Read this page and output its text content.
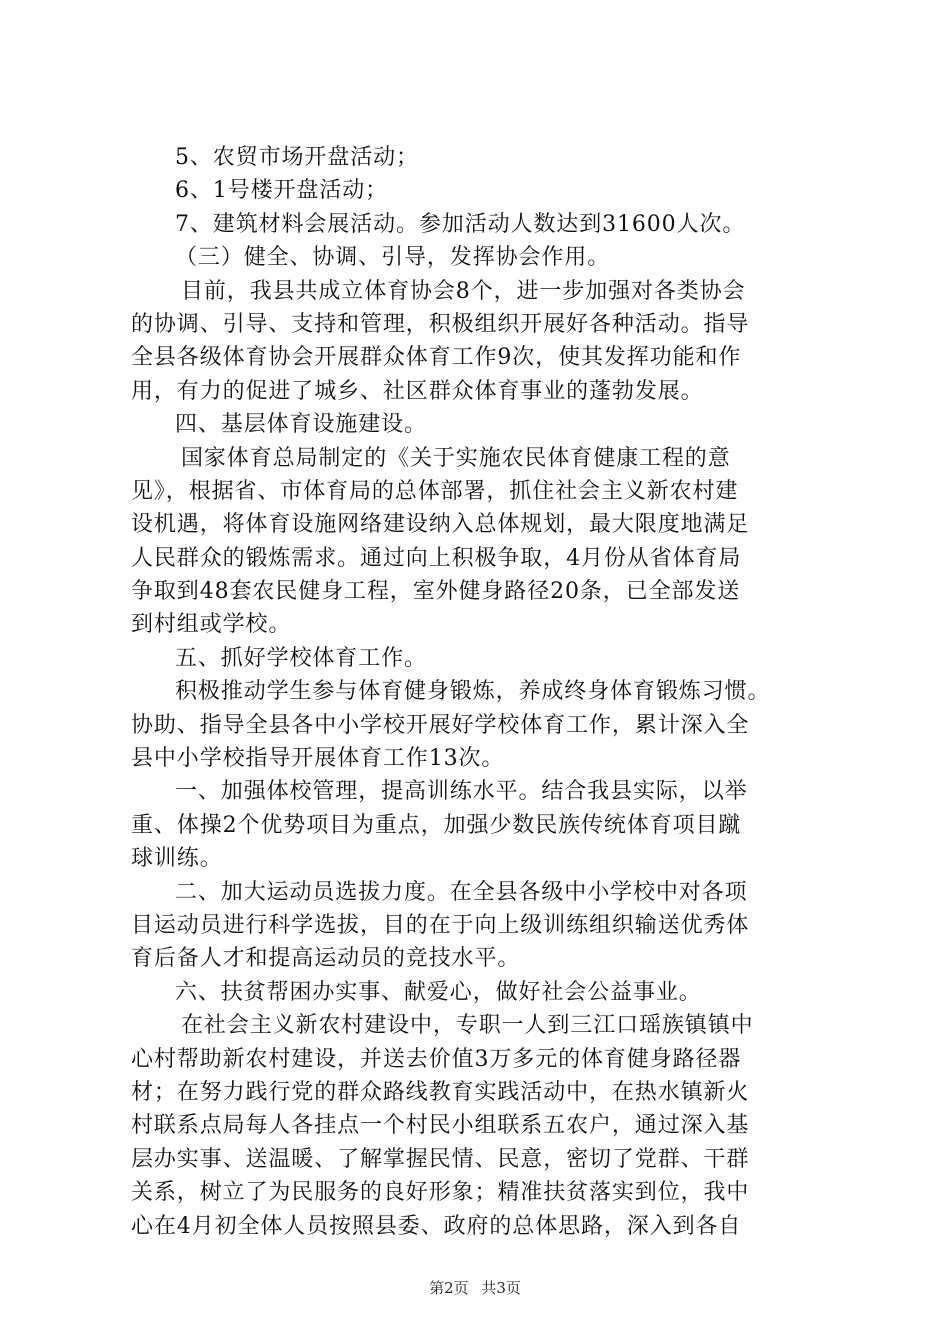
5、农贸市场开盘活动；
6、1号楼开盘活动；
7、建筑材料会展活动。参加活动人数达到31600人次。
（三）健全、协调、引导，发挥协会作用。
目前，我县共成立体育协会8个，进一步加强对各类协会
的协调、引导、支持和管理，积极组织开展好各种活动。指导
全县各级体育协会开展群众体育工作9次，使其发挥功能和作
用，有力的促进了城乡、社区群众体育事业的蓬勃发展。
四、基层体育设施建设。
国家体育总局制定的《关于实施农民体育健康工程的意
见》，根据省、市体育局的总体部署，抓住社会主义新农村建
设机遇，将体育设施网络建设纳入总体规划，最大限度地满足
人民群众的锻炼需求。通过向上积极争取，4月份从省体育局
争取到48套农民健身工程，室外健身路径20条，已全部发送
到村组或学校。
五、抓好学校体育工作。
积极推动学生参与体育健身锻炼，养成终身体育锻炼习惯。
协助、指导全县各中小学校开展好学校体育工作，累计深入全
县中小学校指导开展体育工作13次。
一、加强体校管理，提高训练水平。结合我县实际，以举
重、体操2个优势项目为重点，加强少数民族传统体育项目蹴
球训练。
二、加大运动员选拔力度。在全县各级中小学校中对各项
目运动员进行科学选拔，目的在于向上级训练组织输送优秀体
育后备人才和提高运动员的竞技水平。
六、扶贫帮困办实事、献爱心，做好社会公益事业。
在社会主义新农村建设中，专职一人到三江口瑶族镇镇中
心村帮助新农村建设，并送去价值3万多元的体育健身路径器
材；在努力践行党的群众路线教育实践活动中，在热水镇新火
村联系点局每人各挂点一个村民小组联系五农户，通过深入基
层办实事、送温暖、了解掌握民情、民意，密切了党群、干群
关系，树立了为民服务的良好形象；精准扶贫落实到位，我中
心在4月初全体人员按照县委、政府的总体思路，深入到各自
第2页 共3页
